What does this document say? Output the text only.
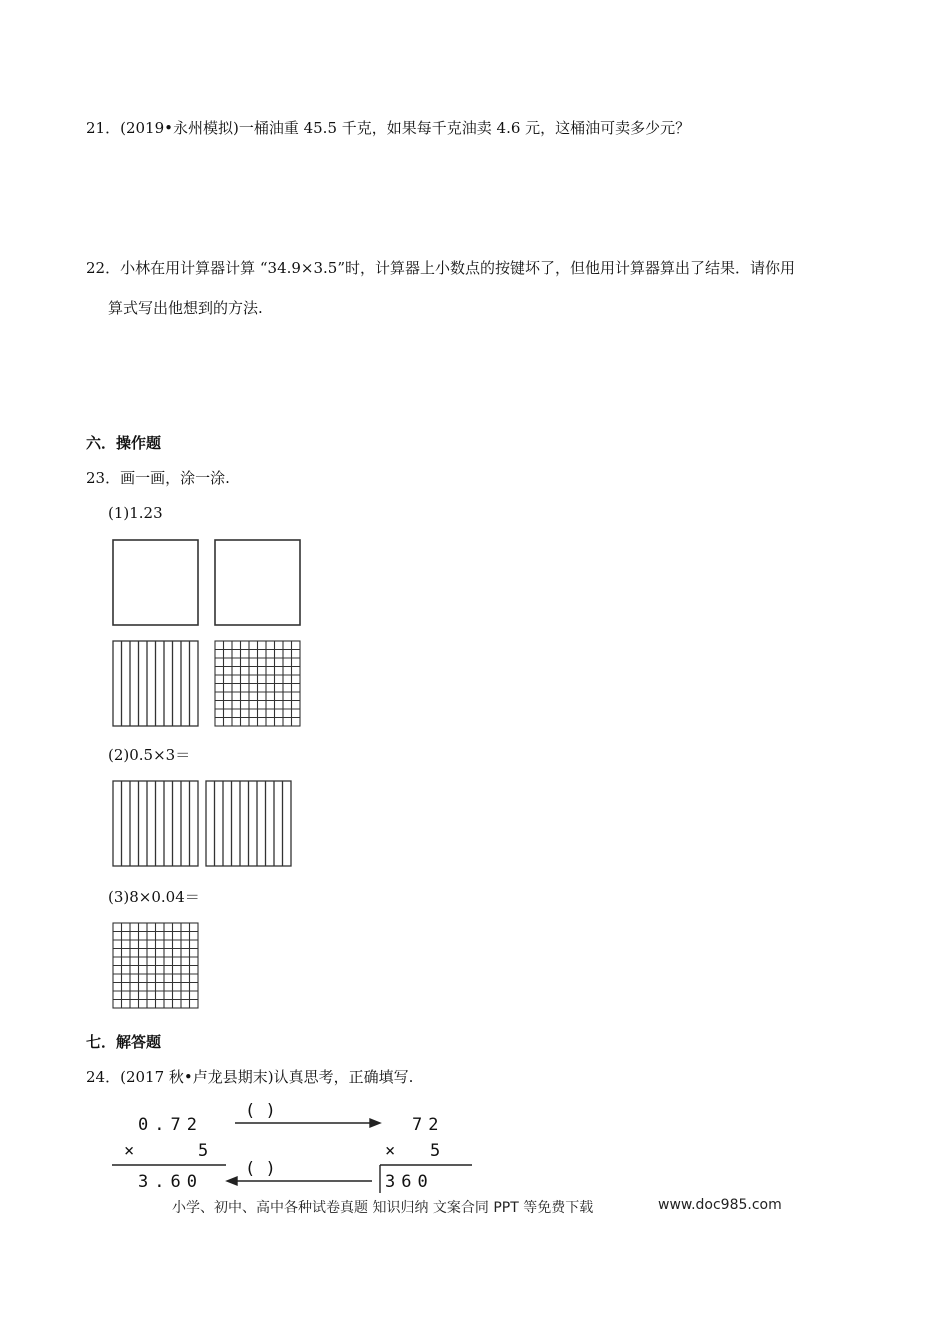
21．(2019•永州模拟)一桶油重 45.5 千克，如果每千克油卖 4.6 元，这桶油可卖多少元？
22．小林在用计算器计算 “34.9×3.5”时，计算器上小数点的按键坏了，但他用计算器算出了结果．请你用
算式写出他想到的方法.
六．操作题
23．画一画，涂一涂.
(1)1.23
(2)0.5×3＝
(3)8×0.04＝
七．解答题
24．(2017 秋•卢龙县期末)认真思考，正确填写.
0.72
×	5
3.60
72
× 5
360
( )
( )
小学、初中、高中各种试卷真题 知识归纳 文案合同 PPT 等免费下载	www.doc985.com
